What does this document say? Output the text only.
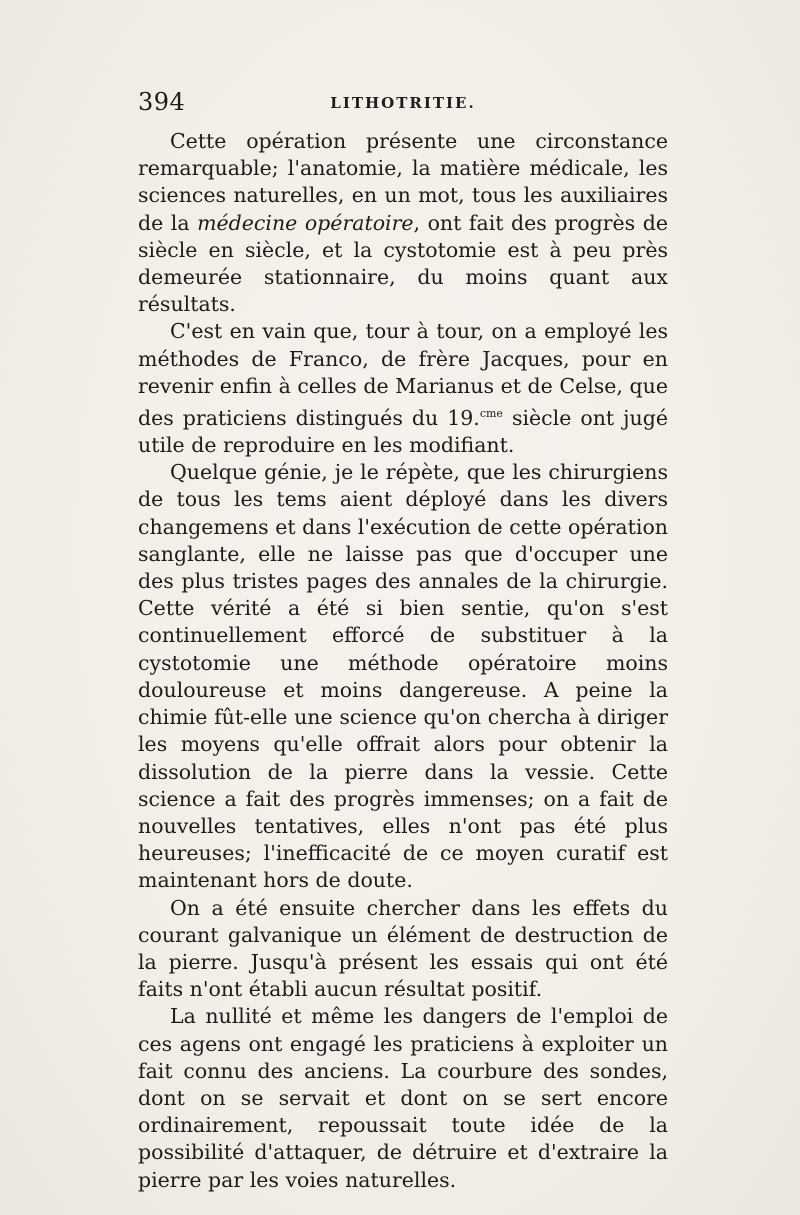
394	LITHOTRITIE.

Cette opération présente une circonstance remarquable; l'anatomie, la matière médicale, les sciences naturelles, en un mot, tous les auxiliaires de la médecine opératoire, ont fait des progrès de siècle en siècle, et la cystotomie est à peu près demeurée stationnaire, du moins quant aux résultats.

C'est en vain que, tour à tour, on a employé les méthodes de Franco, de frère Jacques, pour en revenir enfin à celles de Marianus et de Celse, que des praticiens distingués du 19.$^{cme}$ siècle ont jugé utile de reproduire en les modifiant.

Quelque génie, je le répète, que les chirurgiens de tous les tems aient déployé dans les divers changemens et dans l'exécution de cette opération sanglante, elle ne laisse pas que d'occuper une des plus tristes pages des annales de la chirurgie. Cette vérité a été si bien sentie, qu'on s'est continuellement efforcé de substituer à la cystotomie une méthode opératoire moins douloureuse et moins dangereuse. A peine la chimie fût-elle une science qu'on chercha à diriger les moyens qu'elle offrait alors pour obtenir la dissolution de la pierre dans la vessie. Cette science a fait des progrès immenses; on a fait de nouvelles tentatives, elles n'ont pas été plus heureuses; l'inefficacité de ce moyen curatif est maintenant hors de doute.

On a été ensuite chercher dans les effets du courant galvanique un élément de destruction de la pierre. Jusqu'à présent les essais qui ont été faits n'ont établi aucun résultat positif.

La nullité et même les dangers de l'emploi de ces agens ont engagé les praticiens à exploiter un fait connu des anciens. La courbure des sondes, dont on se servait et dont on se sert encore ordinairement, repoussait toute idée de la possibilité d'attaquer, de détruire et d'extraire la pierre par les voies naturelles.
